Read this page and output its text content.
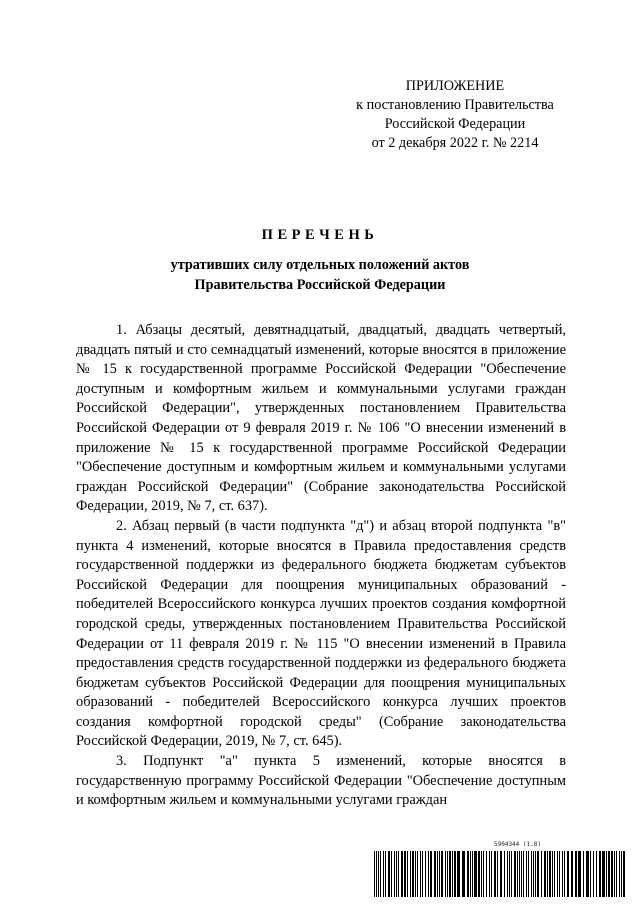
ПРИЛОЖЕНИЕ
к постановлению Правительства
Российской Федерации
от 2 декабря 2022 г. № 2214
ПЕРЕЧЕНЬ
утративших силу отдельных положений актов
Правительства Российской Федерации

1. Абзацы десятый, девятнадцатый, двадцатый, двадцать четвертый, двадцать пятый и сто семнадцатый изменений, которые вносятся в приложение № 15 к государственной программе Российской Федерации "Обеспечение доступным и комфортным жильем и коммунальными услугами граждан Российской Федерации", утвержденных постановлением Правительства Российской Федерации от 9 февраля 2019 г. № 106 "О внесении изменений в приложение № 15 к государственной программе Российской Федерации "Обеспечение доступным и комфортным жильем и коммунальными услугами граждан Российской Федерации" (Собрание законодательства Российской Федерации, 2019, № 7, ст. 637).

2. Абзац первый (в части подпункта "д") и абзац второй подпункта "в" пункта 4 изменений, которые вносятся в Правила предоставления средств государственной поддержки из федерального бюджета бюджетам субъектов Российской Федерации для поощрения муниципальных образований - победителей Всероссийского конкурса лучших проектов создания комфортной городской среды, утвержденных постановлением Правительства Российской Федерации от 11 февраля 2019 г. № 115 "О внесении изменений в Правила предоставления средств государственной поддержки из федерального бюджета бюджетам субъектов Российской Федерации для поощрения муниципальных образований - победителей Всероссийского конкурса лучших проектов создания комфортной городской среды" (Собрание законодательства Российской Федерации, 2019, № 7, ст. 645).

3. Подпункт "а" пункта 5 изменений, которые вносятся в государственную программу Российской Федерации "Обеспечение доступным и комфортным жильем и коммунальными услугами граждан

5904344 (1.8)
